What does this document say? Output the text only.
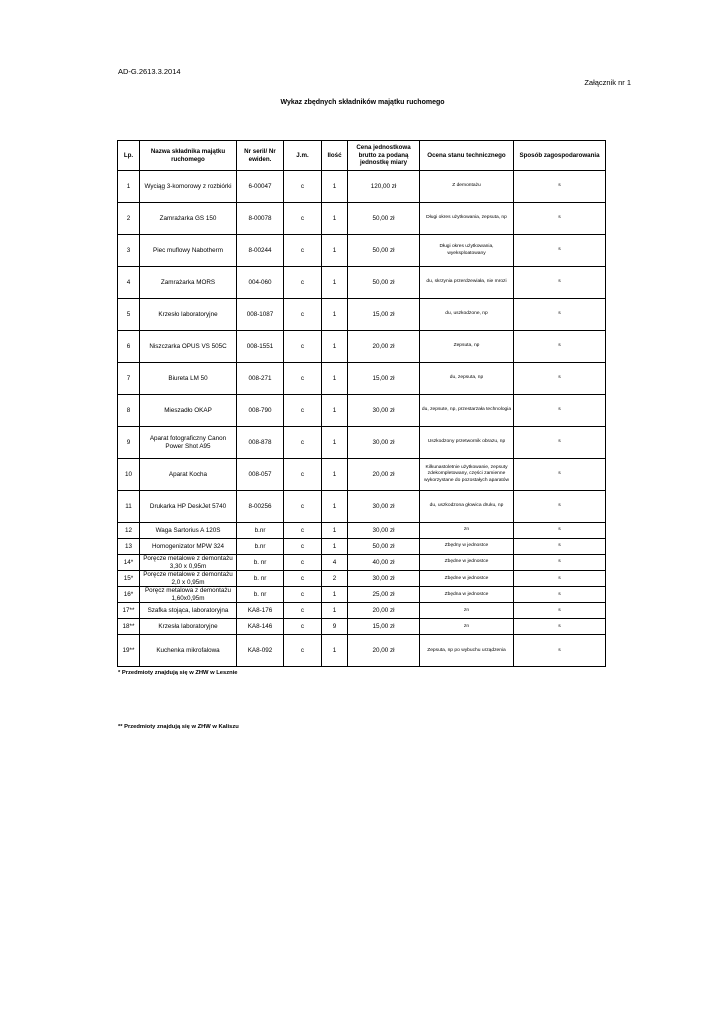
AD-G.2613.3.2014
Załącznik nr 1
Wykaz zbędnych składników majątku ruchomego
Lp.	Nazwa składnika majątku ruchomego	Nr seril/ Nr ewiden.	J.m.	Ilość	Cena jednostkowa brutto za podaną jednostkę miary	Ocena stanu technicznego	Sposób zagospodarowania
1	Wyciąg 3-komorowy z rozbiórki	6-00047	c	1	120,00 zł	Z demontażu	s
2	Zamrażarka GS 150	8-00078	c	1	50,00 zł	Długi okres użytkowania, zepsuta, np	s
3	Piec muflowy Nabotherm	8-00244	c	1	50,00 zł	Długi okres użytkowania, wyeksploatowany	s
4	Zamrażarka MORS	004-060	c	1	50,00 zł	du, skrzynia przerdzewiała, nie mrozi	s
5	Krzesło laboratoryjne	008-1087	c	1	15,00 zł	du, uszkodzone, np	s
6	Niszczarka OPUS VS 505C	008-1551	c	1	20,00 zł	Zepsuta, np	s
7	Biureta LM 50	008-271	c	1	15,00 zł	du, zepsuta, np	s
8	Mieszadło OKAP	008-790	c	1	30,00 zł	du, zepsute, np, przestarzała technologia	s
9	Aparat fotograficzny Canon Power Shot A95	008-878	c	1	30,00 zł	Uszkodzony przetwornik obrazu, np	s
10	Aparat Kocha	008-057	c	1	20,00 zł	Kilkunastoletnie użytkowanie, zepsuty zdekompletowany, części zamienne wykorzystane do pozostałych aparatów	s
11	Drukarka HP DeskJet 5740	8-00256	c	1	30,00 zł	du, uszkodzona głowica druku, np	s
12	Waga Sartorius A 120S	b.nr	c	1	30,00 zł	zn	s
13	Homogenizator MPW 324	b.nr	c	1	50,00 zł	Zbędny w jednostce	s
14*	Poręcze metalowe z demontażu 3,30 x 0,95m	b. nr	c	4	40,00 zł	Zbędne w jednostce	s
15*	Poręcze metalowe z demontażu 2,0 x 0,95m	b. nr	c	2	30,00 zł	Zbędne w jednostce	s
16*	Poręcz metalowa z demontażu 1,60x0,95m	b. nr	c	1	25,00 zł	Zbędna w jednostce	s
17**	Szafka stojąca, laboratoryjna	KA8-176	c	1	20,00 zł	zn	s
18**	Krzesła laboratoryjne	KA8-146	c	9	15,00 zł	zn	s
19**	Kuchenka mikrofalowa	KA8-092	c	1	20,00 zł	Zepsuta, np po wybuchu urządzenia	s
* Przedmioty znajdują się w ZHW w Lesznie
** Przedmioty znajdują się w ZHW w Kaliszu
